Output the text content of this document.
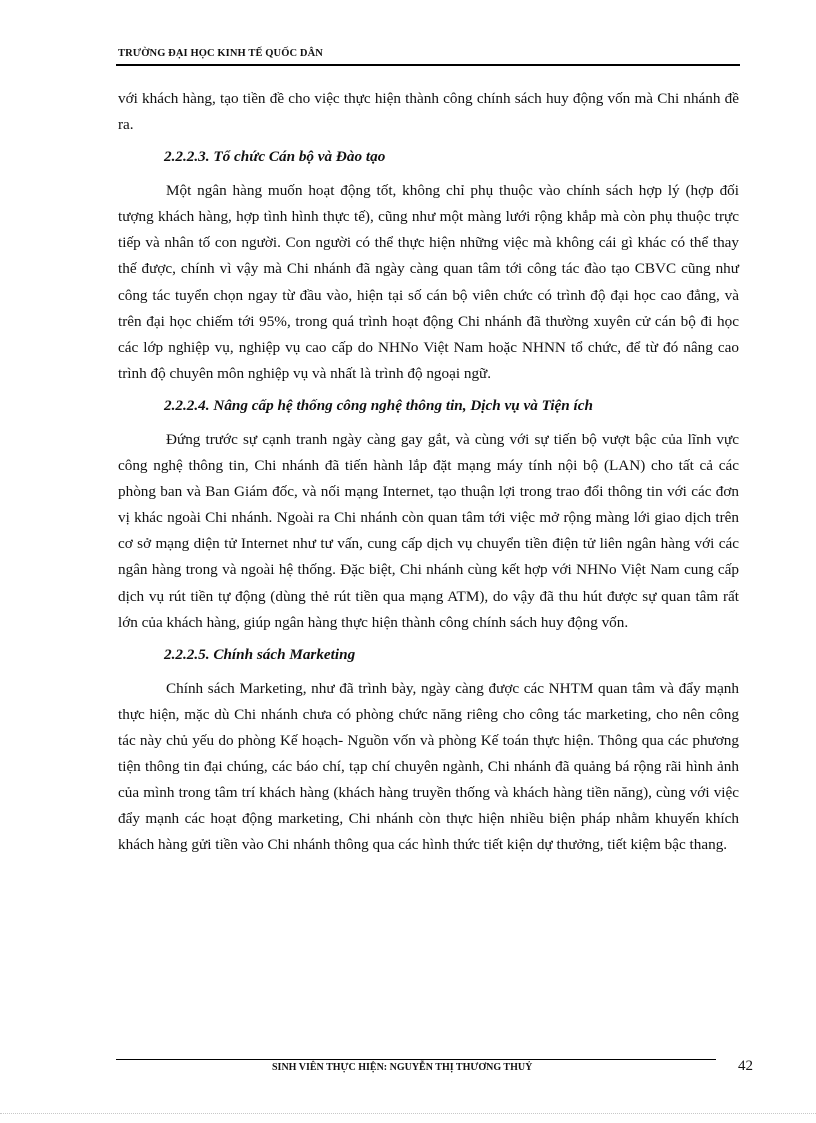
TRƯỜNG ĐẠI HỌC KINH TẾ QUỐC DÂN

với khách hàng, tạo tiền đề cho việc thực hiện thành công chính sách huy động vốn mà Chi nhánh đề ra.

2.2.2.3. Tổ chức Cán bộ và Đào tạo

Một ngân hàng muốn hoạt động tốt, không chỉ phụ thuộc vào chính sách hợp lý (hợp đối tượng khách hàng, hợp tình hình thực tế), cũng như một màng lưới rộng khắp mà còn phụ thuộc trực tiếp và nhân tố con người. Con người có thể thực hiện những việc mà không cái gì khác có thể thay thế được, chính vì vậy mà Chi nhánh đã ngày càng quan tâm tới công tác đào tạo CBVC cũng như công tác tuyển chọn ngay từ đầu vào, hiện tại số cán bộ viên chức có trình độ đại học cao đẳng, và trên đại học chiếm tới 95%, trong quá trình hoạt động Chi nhánh đã thường xuyên cử cán bộ đi học các lớp nghiệp vụ, nghiệp vụ cao cấp do NHNo Việt Nam hoặc NHNN tổ chức, để từ đó nâng cao trình độ chuyên môn nghiệp vụ và nhất là trình độ ngoại ngữ.

2.2.2.4. Nâng cấp hệ thống công nghệ thông tin, Dịch vụ và Tiện ích

Đứng trước sự cạnh tranh ngày càng gay gắt, và cùng với sự tiến bộ vượt bậc của lĩnh vực công nghệ thông tin, Chi nhánh đã tiến hành lắp đặt mạng máy tính nội bộ (LAN) cho tất cả các phòng ban và Ban Giám đốc, và nối mạng Internet, tạo thuận lợi trong trao đổi thông tin với các đơn vị khác ngoài Chi nhánh. Ngoài ra Chi nhánh còn quan tâm tới việc mở rộng màng lới giao dịch trên cơ sở mạng diện tử Internet như tư vấn, cung cấp dịch vụ chuyển tiền điện tử liên ngân hàng với các ngân hàng trong và ngoài hệ thống. Đặc biệt, Chi nhánh cùng kết hợp với NHNo Việt Nam cung cấp dịch vụ rút tiền tự động (dùng thẻ rút tiền qua mạng ATM), do vậy đã thu hút được sự quan tâm rất lớn của khách hàng, giúp ngân hàng thực hiện thành công chính sách huy động vốn.

2.2.2.5. Chính sách Marketing

Chính sách Marketing, như đã trình bày, ngày càng được các NHTM quan tâm và đẩy mạnh thực hiện, mặc dù Chi nhánh chưa có phòng chức năng riêng cho công tác marketing, cho nên công tác này chủ yếu do phòng Kế hoạch- Nguồn vốn và phòng Kế toán thực hiện. Thông qua các phương tiện thông tin đại chúng, các báo chí, tạp chí chuyên ngành, Chi nhánh đã quảng bá rộng rãi hình ảnh của mình trong tâm trí khách hàng (khách hàng truyền thống và khách hàng tiền năng), cùng với việc đẩy mạnh các hoạt động marketing, Chi nhánh còn thực hiện nhiều biện pháp nhằm khuyến khích khách hàng gửi tiền vào Chi nhánh thông qua các hình thức tiết kiện dự thưởng, tiết kiệm bậc thang.

SINH VIÊN THỰC HIỆN: NGUYỄN THỊ THƯƠNG THUỶ	42
